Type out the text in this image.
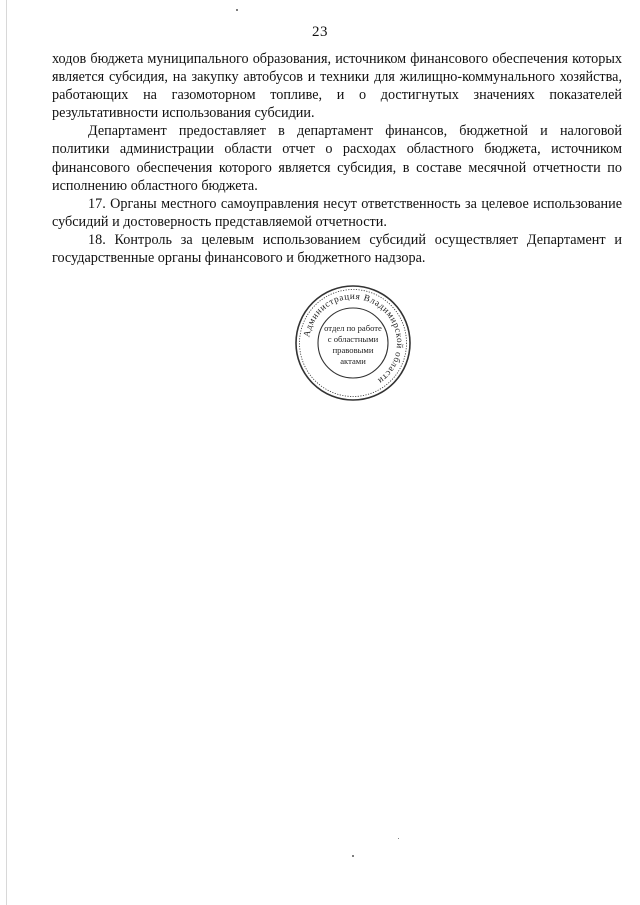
23

ходов бюджета муниципального образования, источником финансового обеспечения которых является субсидия, на закупку автобусов и техники для жилищно-коммунального хозяйства, работающих на газомоторном топливе, и о достигнутых значениях показателей результативности использования субсидии.

Департамент предоставляет в департамент финансов, бюджетной и налоговой политики администрации области отчет о расходах областного бюджета, источником финансового обеспечения которого является субсидия, в составе месячной отчетности по исполнению областного бюджета.

17. Органы местного самоуправления несут ответственность за целевое использование субсидий и достоверность представляемой отчетности.

18. Контроль за целевым использованием субсидий осуществляет Департамент и государственные органы финансового и бюджетного надзора.

Администрация Владимирской области
отдел по работе
с областными
правовыми
актами
